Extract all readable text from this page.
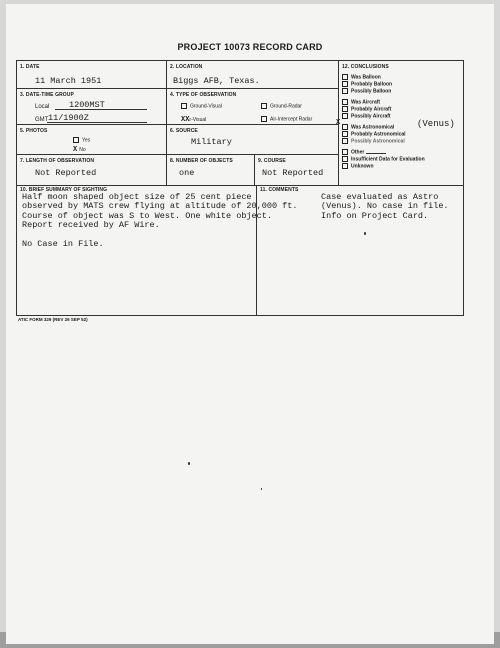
PROJECT 10073 RECORD CARD
1. DATE
11 March 1951
2. LOCATION
Biggs AFB, Texas.
3. DATE-TIME GROUP
Local 1200MST
GMT 11/1900Z
4. TYPE OF OBSERVATION
Ground-Visual	Ground-Radar
XXr-Visual	Air-Intercept Radar
5. PHOTOS
Yes
X No
6. SOURCE
Military
7. LENGTH OF OBSERVATION
Not Reported
8. NUMBER OF OBJECTS
one
9. COURSE
Not Reported
12. CONCLUSIONS
Was Balloon
Probably Balloon
Possibly Balloon
Was Aircraft
Probably Aircraft
Possibly Aircraft
Was Astronomical
Probably Astronomical
Possibly Astronomical
Other
Insufficient Data for Evaluation
Unknown
X	(Venus)
10. BRIEF SUMMARY OF SIGHTING
Half moon shaped object size of 25 cent piece
observed by MATS crew flying at altitude of 20,000 ft.
Course of object was S to West. One white object.
Report received by AF Wire.

No Case in File.
11. COMMENTS
Case evaluated as Astro
(Venus). No case in file.
Info on Project Card.
ATIC FORM 329 (REV 26 SEP 52)
